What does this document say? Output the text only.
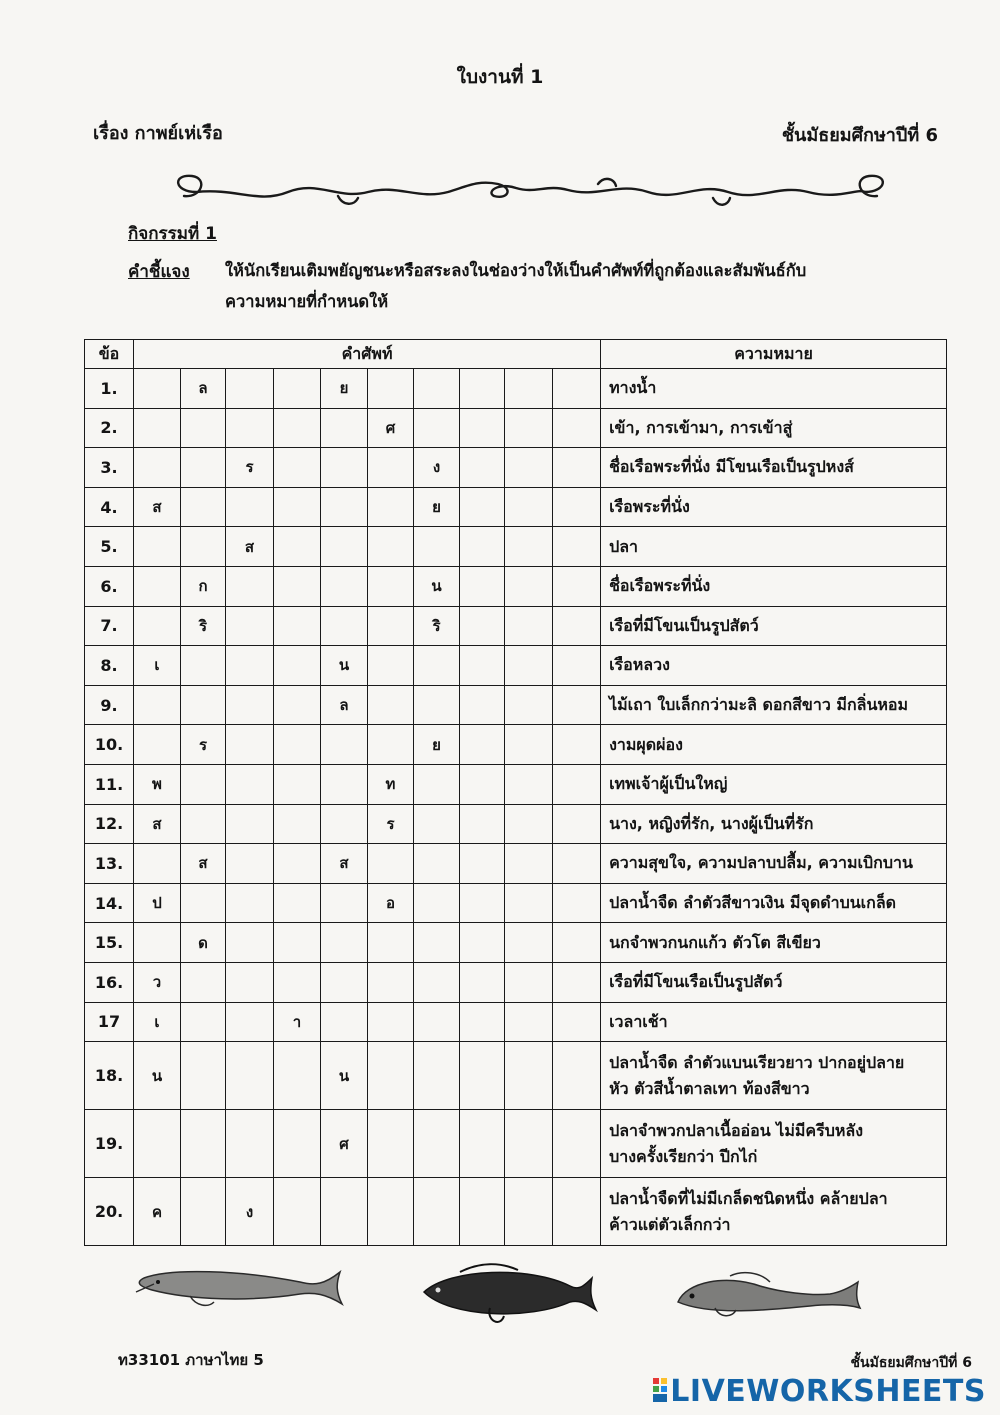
ใบงานที่ 1
เรื่อง กาพย์เห่เรือ	ชั้นมัธยมศึกษาปีที่ 6
กิจกรรมที่ 1
คำชี้แจง ให้นักเรียนเติมพยัญชนะหรือสระลงในช่องว่างให้เป็นคำศัพท์ที่ถูกต้องและสัมพันธ์กับ
ความหมายที่กำหนดให้
ข้อ	คำศัพท์										ความหมาย
1.		ล			ย						ทางน้ำ

2.						ศ					เข้า, การเข้ามา, การเข้าสู่

3.			ร				ง				ชื่อเรือพระที่นั่ง มีโขนเรือเป็นรูปหงส์

4.	ส						ย				เรือพระที่นั่ง

5.			ส								ปลา

6.		ก					น				ชื่อเรือพระที่นั่ง

7.		ริ					ริ				เรือที่มีโขนเป็นรูปสัตว์

8.	เ				น						เรือหลวง

9.					ล						ไม้เถา ใบเล็กกว่ามะลิ ดอกสีขาว มีกลิ่นหอม

10.		ร					ย				งามผุดผ่อง

11.	พ					ท					เทพเจ้าผู้เป็นใหญ่

12.	ส					ร					นาง, หญิงที่รัก, นางผู้เป็นที่รัก

13.		ส			ส						ความสุขใจ, ความปลาบปลื้ม, ความเบิกบาน

14.	ป					อ					ปลาน้ำจืด ลำตัวสีขาวเงิน มีจุดดำบนเกล็ด

15.		ด									นกจำพวกนกแก้ว ตัวโต สีเขียว

16.	ว										เรือที่มีโขนเรือเป็นรูปสัตว์

17	เ			า							เวลาเช้า

18.	น				น						ปลาน้ำจืด ลำตัวแบนเรียวยาว ปากอยู่ปลาย
หัว ตัวสีน้ำตาลเทา ท้องสีขาว

19.					ศ						ปลาจำพวกปลาเนื้ออ่อน ไม่มีครีบหลัง
บางครั้งเรียกว่า ปีกไก่

20.	ค		ง								ปลาน้ำจืดที่ไม่มีเกล็ดชนิดหนึ่ง คล้ายปลา
ค้าวแต่ตัวเล็กกว่า
ท33101 ภาษาไทย 5	ชั้นมัธยมศึกษาปีที่ 6
LIVEWORKSHEETS
